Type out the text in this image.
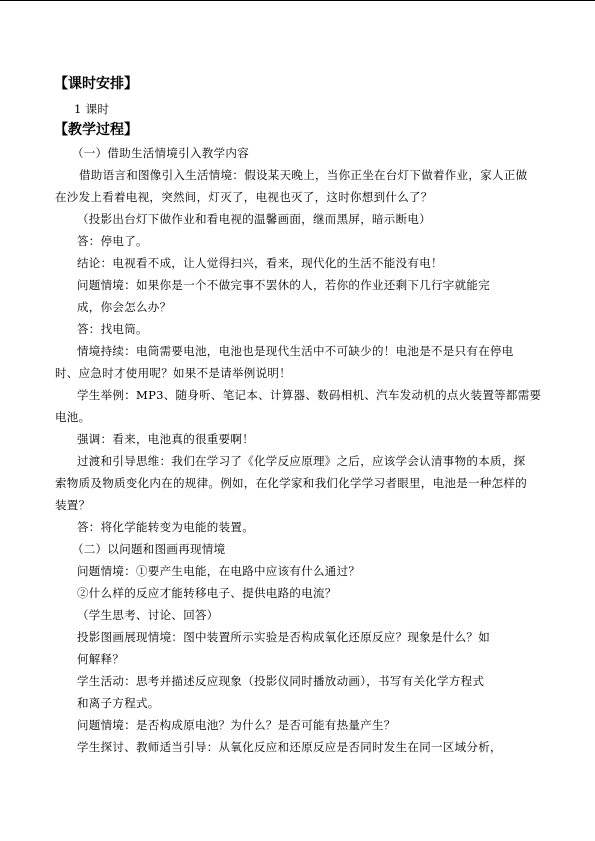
【课时安排】
1 课时
【教学过程】
（一）借助生活情境引入教学内容
借助语言和图像引入生活情境：假设某天晚上，当你正坐在台灯下做着作业，家人正做
在沙发上看着电视，突然间，灯灭了，电视也灭了，这时你想到什么了？
（投影出台灯下做作业和看电视的温馨画面，继而黑屏，暗示断电）
答：停电了。
结论：电视看不成，让人觉得扫兴，看来，现代化的生活不能没有电！
问题情境：如果你是一个不做完事不罢休的人，若你的作业还剩下几行字就能完
成，你会怎么办？
答：找电筒。
情境持续：电筒需要电池，电池也是现代生活中不可缺少的！电池是不是只有在停电
时、应急时才使用呢？如果不是请举例说明！
学生举例：MP3、随身听、笔记本、计算器、数码相机、汽车发动机的点火装置等都需要
电池。
强调：看来，电池真的很重要啊！
过渡和引导思维：我们在学习了《化学反应原理》之后，应该学会认清事物的本质，探
索物质及物质变化内在的规律。例如，在化学家和我们化学学习者眼里，电池是一种怎样的
装置？
答：将化学能转变为电能的装置。
（二）以问题和图画再现情境
问题情境：①要产生电能，在电路中应该有什么通过？
②什么样的反应才能转移电子、提供电路的电流？
（学生思考、讨论、回答）
投影图画展现情境：图中装置所示实验是否构成氧化还原反应？现象是什么？如
何解释？
学生活动：思考并描述反应现象（投影仪同时播放动画），书写有关化学方程式
和离子方程式。
问题情境：是否构成原电池？为什么？是否可能有热量产生？
学生探讨、教师适当引导：从氧化反应和还原反应是否同时发生在同一区域分析，
